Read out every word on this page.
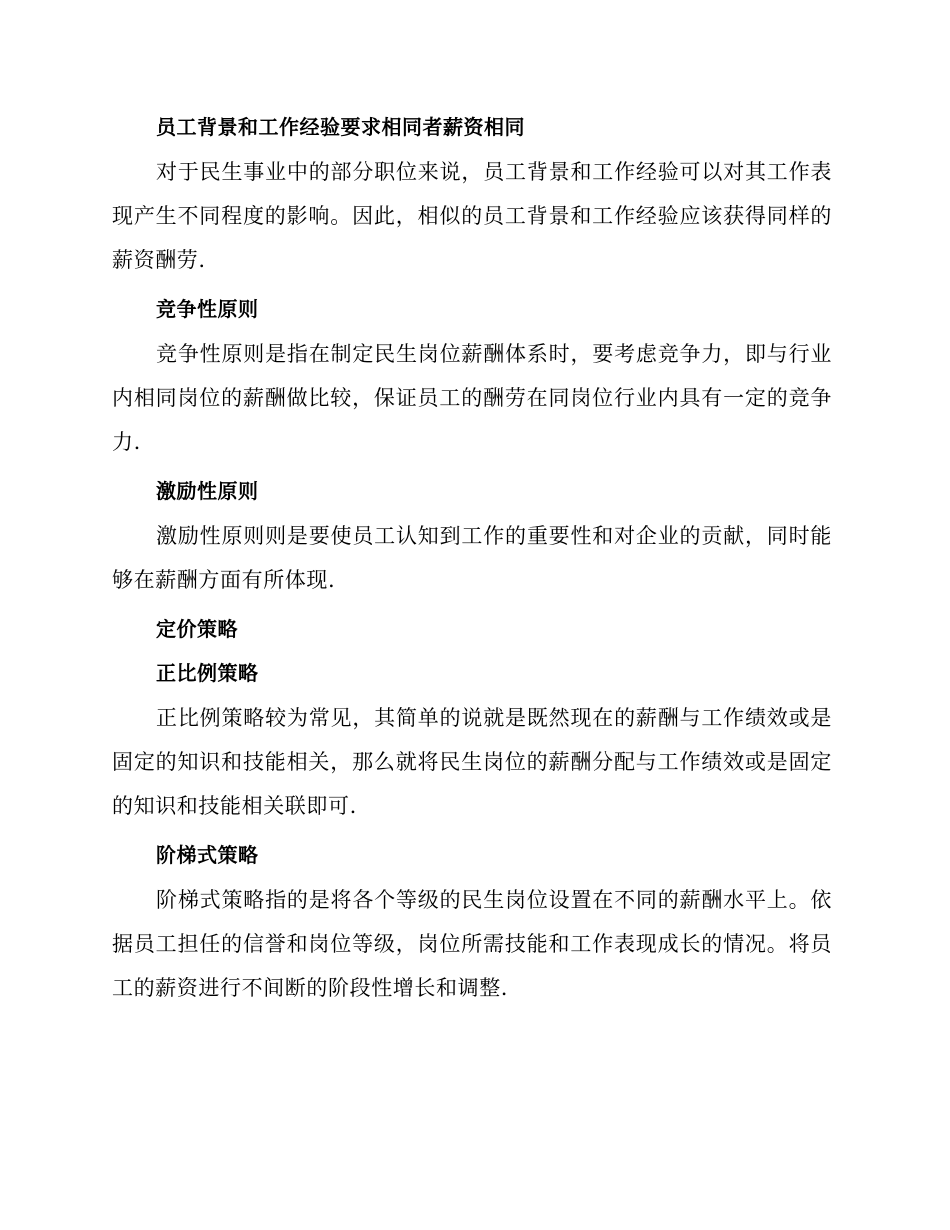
员工背景和工作经验要求相同者薪资相同

对于民生事业中的部分职位来说，员工背景和工作经验可以对其工作表现产生不同程度的影响。因此，相似的员工背景和工作经验应该获得同样的薪资酬劳.

竞争性原则

竞争性原则是指在制定民生岗位薪酬体系时，要考虑竞争力，即与行业内相同岗位的薪酬做比较，保证员工的酬劳在同岗位行业内具有一定的竞争力.

激励性原则

激励性原则则是要使员工认知到工作的重要性和对企业的贡献，同时能够在薪酬方面有所体现.

定价策略
正比例策略

正比例策略较为常见，其简单的说就是既然现在的薪酬与工作绩效或是固定的知识和技能相关，那么就将民生岗位的薪酬分配与工作绩效或是固定的知识和技能相关联即可.

阶梯式策略

阶梯式策略指的是将各个等级的民生岗位设置在不同的薪酬水平上。依据员工担任的信誉和岗位等级，岗位所需技能和工作表现成长的情况。将员工的薪资进行不间断的阶段性增长和调整.
